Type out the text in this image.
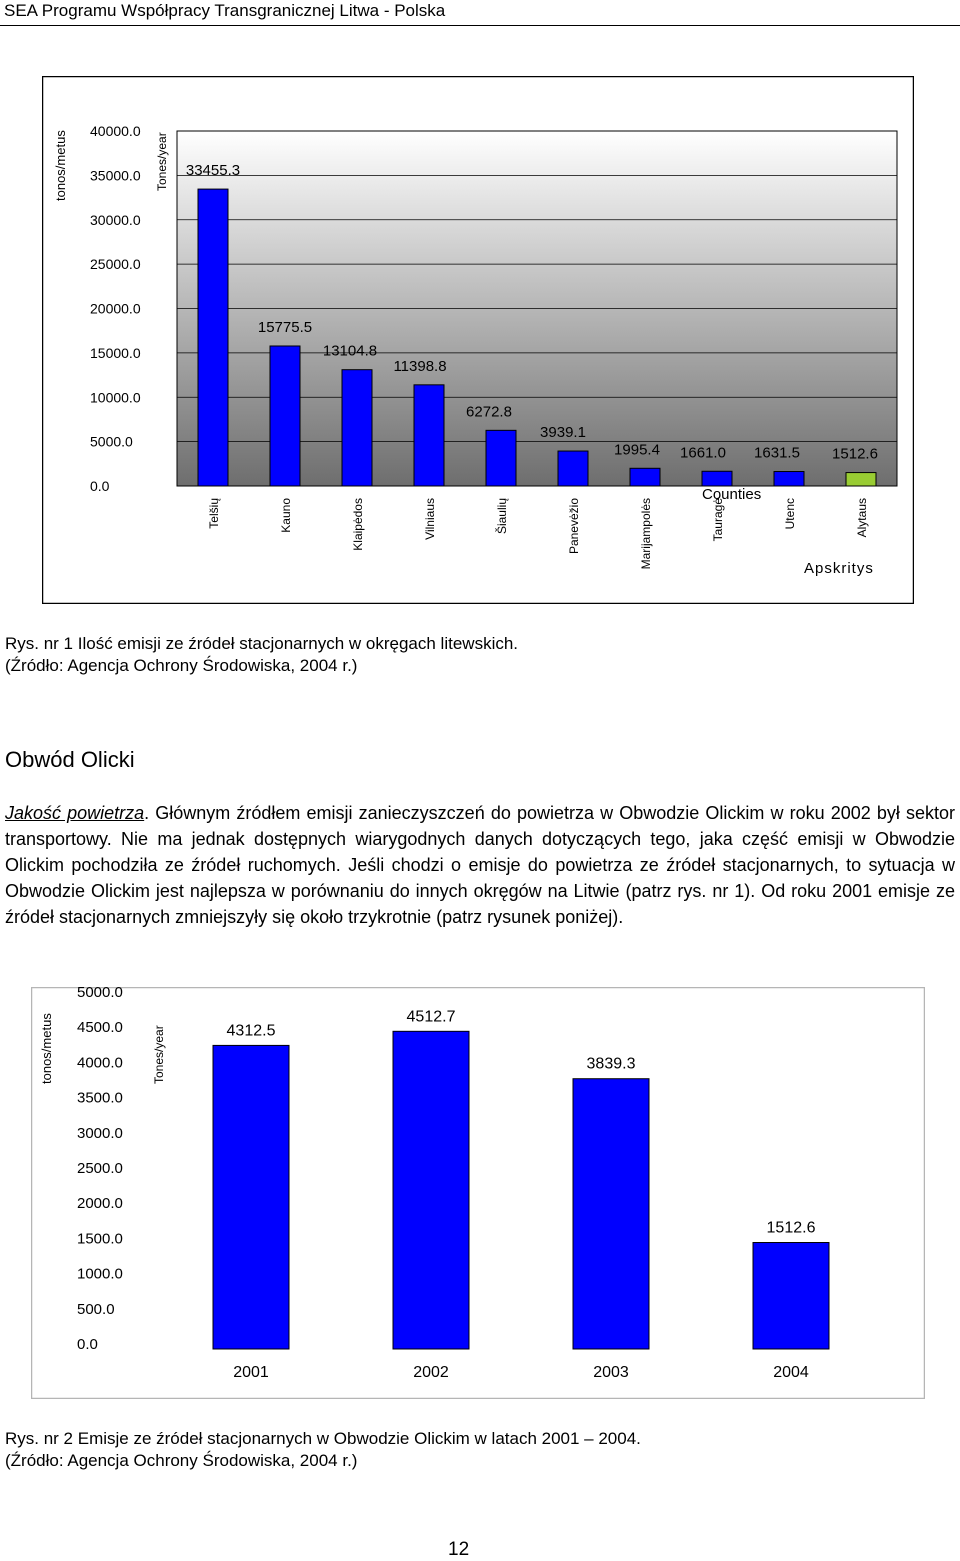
SEA Programu Współpracy Transgranicznej Litwa - Polska
40000.0
35000.0
30000.0
25000.0
20000.0
15000.0
10000.0
5000.0
0.0
33455.3
15775.5
13104.8
11398.8
6272.8
3939.1
1995.4 1661.0 1631.5 1512.6
Telšių	Kauno	Klaipėdos	Vilniaus	Šiaulių	Panevėžio	Marijampolės	Tauragė	Utenc	Alytaus
tonos/metus	Tones/year
Counties
Apskritys
Rys. nr 1 Ilość emisji ze źródeł stacjonarnych w okręgach litewskich.
(Źródło: Agencja Ochrony Środowiska, 2004 r.)
Obwód Olicki
Jakość powietrza. Głównym źródłem emisji zanieczyszczeń do powietrza w Obwodzie Olickim w roku 2002 był sektor transportowy. Nie ma jednak dostępnych wiarygodnych danych dotyczących tego, jaka część emisji w Obwodzie Olickim pochodziła ze źródeł ruchomych. Jeśli chodzi o emisje do powietrza ze źródeł stacjonarnych, to sytuacja w Obwodzie Olickim jest najlepsza w porównaniu do innych okręgów na Litwie (patrz rys. nr 1). Od roku 2001 emisje ze źródeł stacjonarnych zmniejszyły się około trzykrotnie (patrz rysunek poniżej).
5000.0
4500.0
4000.0
3500.0
3000.0
2500.0
2000.0
1500.0
1000.0
500.0
0.0
4312.5
4512.7
3839.3
1512.6
2001	2002	2003	2004
tonos/metus	Tones/year
Rys. nr 2 Emisje ze źródeł stacjonarnych w Obwodzie Olickim w latach 2001 – 2004.
(Źródło: Agencja Ochrony Środowiska, 2004 r.)
12
